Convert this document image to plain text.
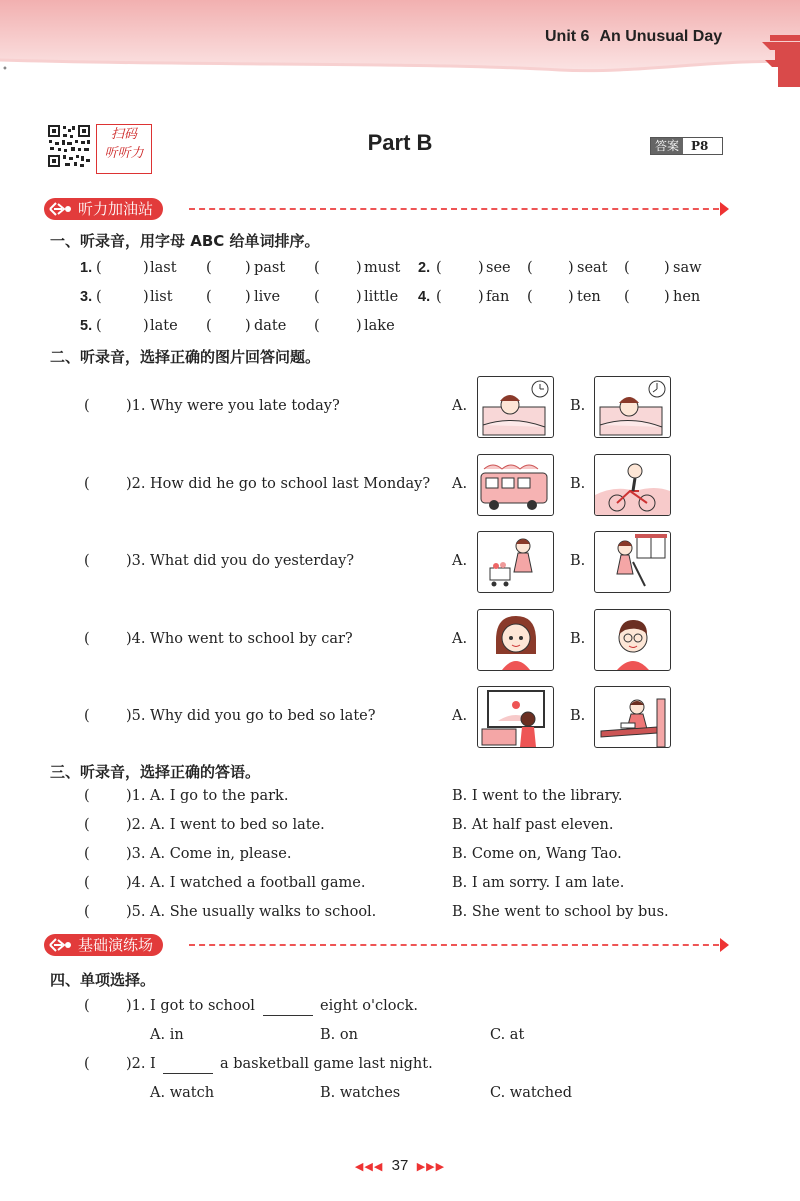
Unit 6 An Unusual Day
•
扫码
听听力	Part B	答案	P8
听力加油站
一、听录音，用字母 ABC 给单词排序。
1. (	) last ( ) past (	) must 2. (	) see ( ) seat ( ) saw
3. (	) list ( ) live (	) little 4. (	) fan ( ) ten ( ) hen
5. (	) late ( ) date (	) lake
二、听录音，选择正确的图片回答问题。
(	)1. Why were you late today?	A.	B.
(	)2. How did he go to school last Monday? A.	B.
(	)3. What did you do yesterday?	A.	B.
(	)4. Who went to school by car?	A.	B.
(	)5. Why did you go to bed so late?	A.	B.
三、听录音，选择正确的答语。
(	)1. A. I go to the park.	B. I went to the library.
(	)2. A. I went to bed so late.	B. At half past eleven.
(	)3. A. Come in, please.	B. Come on, Wang Tao.
(	)4. A. I watched a football game.	B. I am sorry. I am late.
(	)5. A. She usually walks to school.	B. She went to school by bus.
基础演练场
四、单项选择。
(	)1. I got to school	eight o'clock.
A. in	B. on	C. at
(	)2. I	a basketball game last night.
A. watch	B. watches	C. watched
◀◀◀ 37 ▶▶▶
